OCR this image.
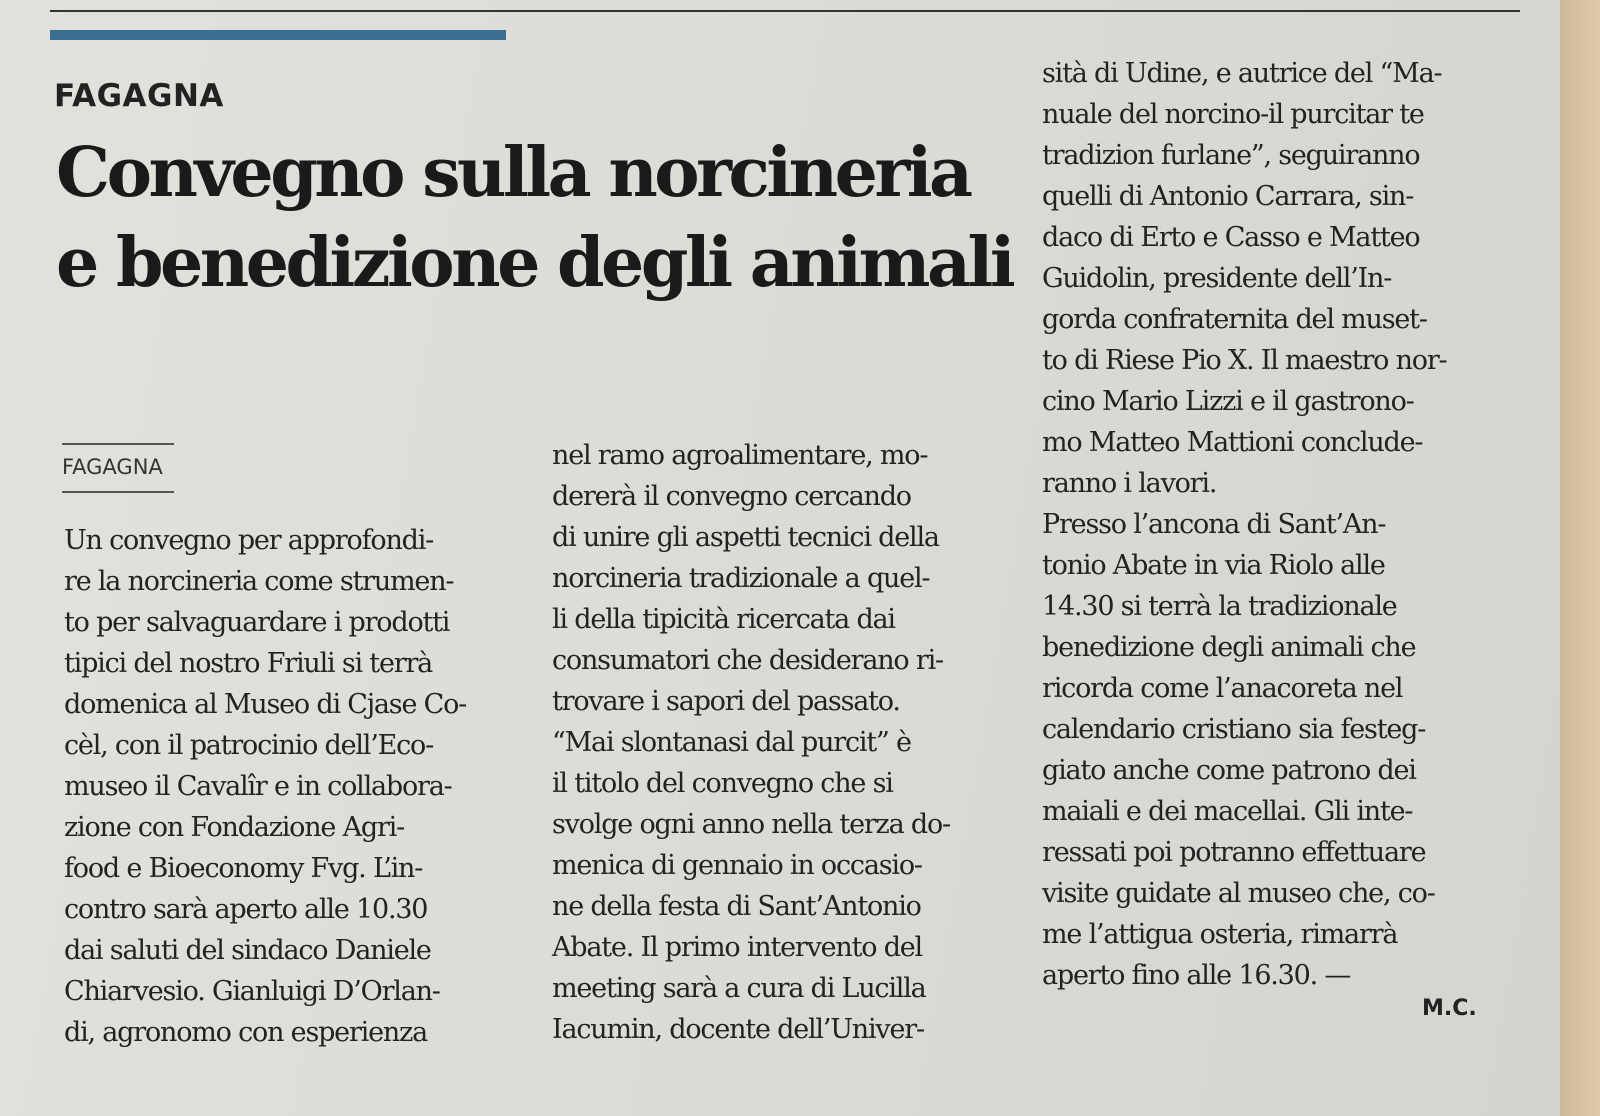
FAGAGNA
Convegno sulla norcineria
e benedizione degli animali
FAGAGNA
Un convegno per approfondi-
re la norcineria come strumen-
to per salvaguardare i prodotti
tipici del nostro Friuli si terrà
domenica al Museo di Cjase Co-
cèl, con il patrocinio dell’Eco-
museo il Cavalîr e in collabora-
zione con Fondazione Agri-
food e Bioeconomy Fvg. L’in-
contro sarà aperto alle 10.30
dai saluti del sindaco Daniele
Chiarvesio. Gianluigi D’Orlan-
di, agronomo con esperienza
nel ramo agroalimentare, mo-
dererà il convegno cercando
di unire gli aspetti tecnici della
norcineria tradizionale a quel-
li della tipicità ricercata dai
consumatori che desiderano ri-
trovare i sapori del passato.
“Mai slontanasi dal purcit” è
il titolo del convegno che si
svolge ogni anno nella terza do-
menica di gennaio in occasio-
ne della festa di Sant’Antonio
Abate. Il primo intervento del
meeting sarà a cura di Lucilla
Iacumin, docente dell’Univer-
sità di Udine, e autrice del “Ma-
nuale del norcino-il purcitar te
tradizion furlane”, seguiranno
quelli di Antonio Carrara, sin-
daco di Erto e Casso e Matteo
Guidolin, presidente dell’In-
gorda confraternita del muset-
to di Riese Pio X. Il maestro nor-
cino Mario Lizzi e il gastrono-
mo Matteo Mattioni conclude-
ranno i lavori.
Presso l’ancona di Sant’An-
tonio Abate in via Riolo alle
14.30 si terrà la tradizionale
benedizione degli animali che
ricorda come l’anacoreta nel
calendario cristiano sia festeg-
giato anche come patrono dei
maiali e dei macellai. Gli inte-
ressati poi potranno effettuare
visite guidate al museo che, co-
me l’attigua osteria, rimarrà
aperto fino alle 16.30. —
M.C.
